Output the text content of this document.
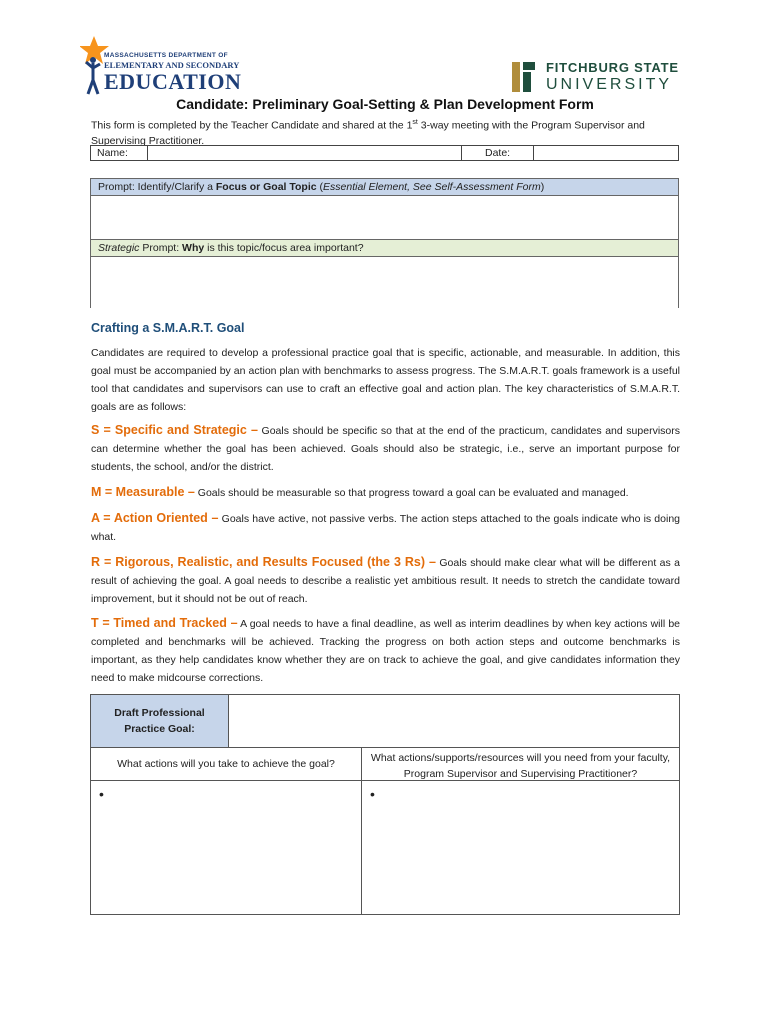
MASSACHUSETTS DEPARTMENT OF
ELEMENTARY AND SECONDARY
EDUCATION
FITCHBURG STATE
UNIVERSITY
Candidate: Preliminary Goal-Setting & Plan Development Form
This form is completed by the Teacher Candidate and shared at the 1st 3-way meeting with the Program Supervisor and Supervising Practitioner.
Name:	Date:
Prompt: Identify/Clarify a Focus or Goal Topic (Essential Element, See Self-Assessment Form)
Strategic Prompt: Why is this topic/focus area important?
Crafting a S.M.A.R.T. Goal
Candidates are required to develop a professional practice goal that is specific, actionable, and measurable. In addition, this goal must be accompanied by an action plan with benchmarks to assess progress. The S.M.A.R.T. goals framework is a useful tool that candidates and supervisors can use to craft an effective goal and action plan. The key characteristics of S.M.A.R.T. goals are as follows:
S = Specific and Strategic – Goals should be specific so that at the end of the practicum, candidates and supervisors can determine whether the goal has been achieved. Goals should also be strategic, i.e., serve an important purpose for students, the school, and/or the district.
M = Measurable – Goals should be measurable so that progress toward a goal can be evaluated and managed.
A = Action Oriented – Goals have active, not passive verbs. The action steps attached to the goals indicate who is doing what.
R = Rigorous, Realistic, and Results Focused (the 3 Rs) – Goals should make clear what will be different as a result of achieving the goal. A goal needs to describe a realistic yet ambitious result. It needs to stretch the candidate toward improvement, but it should not be out of reach.
T = Timed and Tracked – A goal needs to have a final deadline, as well as interim deadlines by when key actions will be completed and benchmarks will be achieved. Tracking the progress on both action steps and outcome benchmarks is important, as they help candidates know whether they are on track to achieve the goal, and give candidates information they need to make midcourse corrections.
Draft Professional
Practice Goal:
What actions will you take to achieve the goal?	What actions/supports/resources will you need from your faculty, Program Supervisor and Supervising Practitioner?
•	•
